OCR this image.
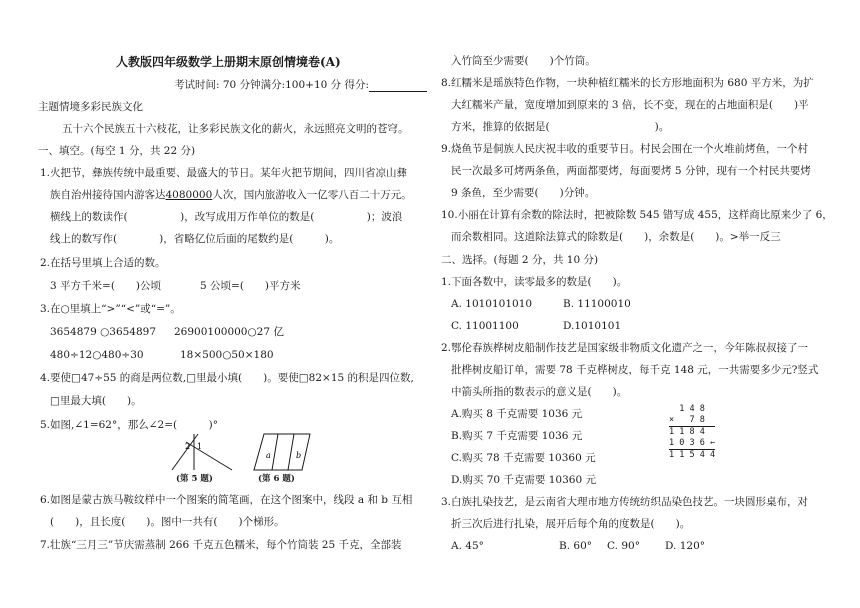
人教版四年级数学上册期末原创情境卷(A)
考试时间: 70 分钟满分:100+10 分 得分:
主题情境多彩民族文化
五十六个民族五十六枝花，让多彩民族文化的薪火，永远照亮文明的苍穹。
一、填空。(每空 1 分，共 22 分)
1.火把节，彝族传统中最重要、最盛大的节日。某年火把节期间，四川省凉山彝
族自治州接待国内游客达4080000人次，国内旅游收入一亿零八百二十万元。
横线上的数读作(　　　　　)，改写成用万作单位的数是(　　　　　)；波浪
线上的数写作(　　　　)，省略亿位后面的尾数约是(　　　)。
2.在括号里填上合适的数。
3 平方千米=(　　)公顷	5 公顷=(　　)平方米
3.在○里填上“>”“<”或“=”。
3654879 ○3654897 26900100000○27 亿
480÷12○480÷30	18×500○50×180
4.要使□47÷55 的商是两位数,□里最小填(　　)。要使□82×15 的积是四位数,
□里最大填(　　)。
5.如图,∠1=62°，那么∠2=(　　　)°
2 1
(第 5 题)
a	b
(第 6 题)
6.如图是蒙古族马鞍纹样中一个图案的简笔画，在这个图案中，线段 a 和 b 互相
(　　)，且长度(　　)。图中一共有(　　)个梯形。
7.壮族“三月三”节庆需蒸制 266 千克五色糯米，每个竹筒装 25 千克，全部装
入竹筒至少需要(　　)个竹筒。
8.红糯米是瑶族特色作物，一块种植红糯米的长方形地面积为 680 平方米，为扩
大红糯米产量，宽度增加到原来的 3 倍，长不变，现在的占地面积是(　　)平
方米，推算的依据是(　　　　　　　　　　)。
9.烧鱼节是侗族人民庆祝丰收的重要节日。村民会围在一个火堆前烤鱼，一个村
民一次最多可烤两条鱼，两面都要烤，每面要烤 5 分钟，现有一个村民共要烤
9 条鱼，至少需要(　　)分钟。
10.小丽在计算有余数的除法时，把被除数 545 错写成 455，这样商比原来少了 6，
而余数相同。这道除法算式的除数是(　　)，余数是(　　)。>举一反三
二、选择。(每题 2 分，共 10 分)
1.下面各数中，读零最多的数是(　　)。
A. 1010101010	B. 11100010
C. 11001100	D.1010101
2.鄂伦春族桦树皮船制作技艺是国家级非物质文化遗产之一，今年陈叔叔接了一
批桦树皮船订单，需要 78 千克桦树皮，每千克 148 元，一共需要多少元?竖式
中箭头所指的数表示的意义是(　　)。
A.购买 8 千克需要 1036 元
B.购买 7 千克需要 1036 元
C.购买 78 千克需要 10360 元
D.购买 70 千克需要 10360 元
1 4 8
×   7 8
1 1 8 4
1 0 3 6 ←
1 1 5 4 4
3.白族扎染技艺，是云南省大理市地方传统纺织品染色技艺。一块圆形桌布，对
折三次后进行扎染，展开后每个角的度数是(　　)。
A. 45°	B. 60° C. 90° D. 120°
